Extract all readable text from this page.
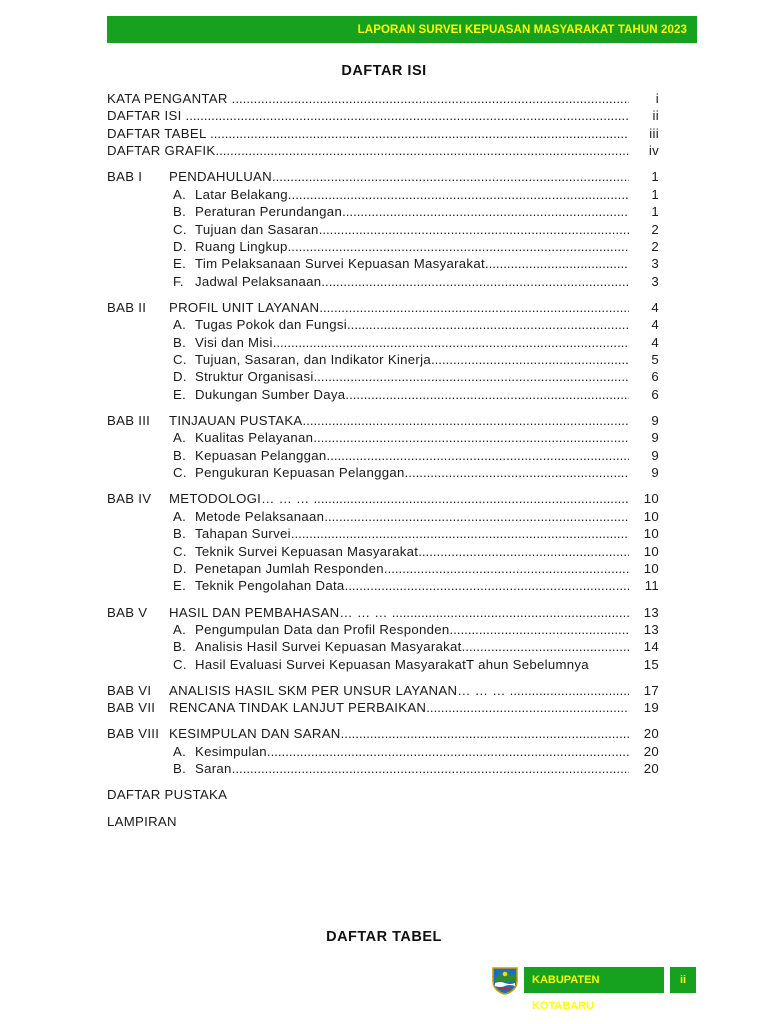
LAPORAN SURVEI KEPUASAN MASYARAKAT TAHUN 2023
DAFTAR ISI
KATA PENGANTAR .....	i
DAFTAR ISI .....	ii
DAFTAR TABEL .....	iii
DAFTAR GRAFIK .....	iv
BAB I	PENDAHULUAN .....	1
A. Latar Belakang .....	1
B. Peraturan Perundangan .....	1
C. Tujuan dan Sasaran .....	2
D. Ruang Lingkup .....	2
E. Tim Pelaksanaan Survei Kepuasan Masyarakat .....	3
F. Jadwal Pelaksanaan .....	3
BAB II	PROFIL UNIT LAYANAN .....	4
A. Tugas Pokok dan Fungsi .....	4
B. Visi dan Misi .....	4
C. Tujuan, Sasaran, dan Indikator Kinerja .....	5
D. Struktur Organisasi .....	6
E. Dukungan Sumber Daya .....	6
BAB III	TINJAUAN PUSTAKA .....	9
A. Kualitas Pelayanan .....	9
B. Kepuasan Pelanggan .....	9
C. Pengukuran Kepuasan Pelanggan .....	9
BAB IV	METODOLOGI… … … .....	10
A. Metode Pelaksanaan .....	10
B. Tahapan Survei .....	10
C. Teknik Survei Kepuasan Masyarakat .....	10
D. Penetapan Jumlah Responden .....	10
E. Teknik Pengolahan Data .....	11
BAB V	HASIL DAN PEMBAHASAN… … … .....	13
A. Pengumpulan Data dan Profil Responden .....	13
B. Analisis Hasil Survei Kepuasan Masyarakat .....	14
C. Hasil Evaluasi Survei Kepuasan MasyarakatT ahun Sebelumnya	15
BAB VI	ANALISIS HASIL SKM PER UNSUR LAYANAN… … … .....	17
BAB VII	RENCANA TINDAK LANJUT PERBAIKAN .....	19
BAB VIII KESIMPULAN DAN SARAN .....	20
A. Kesimpulan .....	20
B. Saran .....	20
DAFTAR PUSTAKA
LAMPIRAN
DAFTAR TABEL
KABUPATEN KOTABARU
ii
